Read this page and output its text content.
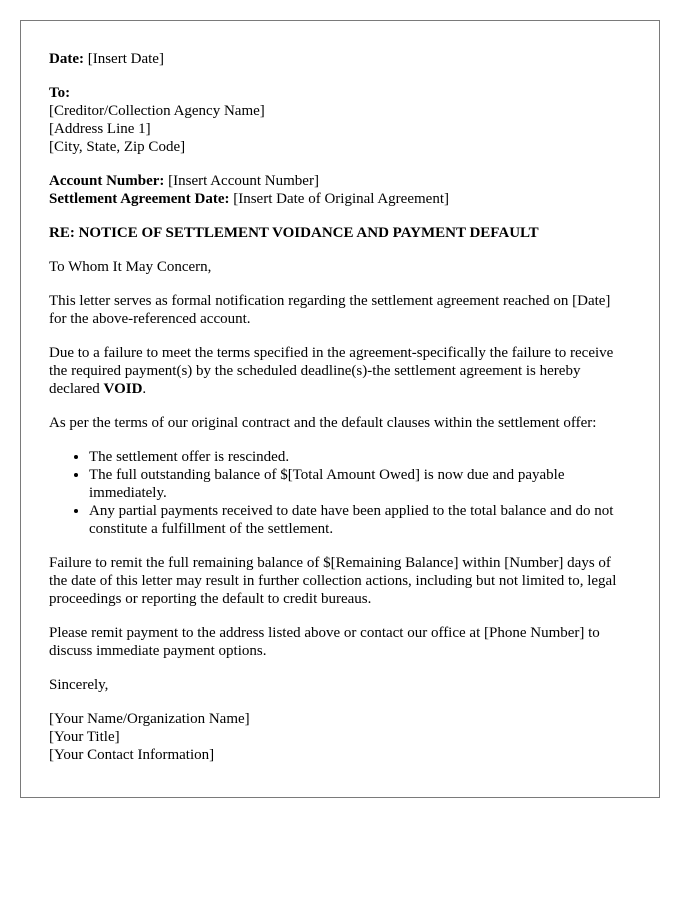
Date: [Insert Date]
To:
[Creditor/Collection Agency Name]
[Address Line 1]
[City, State, Zip Code]
Account Number: [Insert Account Number]
Settlement Agreement Date: [Insert Date of Original Agreement]

RE: NOTICE OF SETTLEMENT VOIDANCE AND PAYMENT DEFAULT

To Whom It May Concern,

This letter serves as formal notification regarding the settlement agreement reached on [Date] for the above-referenced account.

Due to a failure to meet the terms specified in the agreement-specifically the failure to receive the required payment(s) by the scheduled deadline(s)-the settlement agreement is hereby declared VOID.

As per the terms of our original contract and the default clauses within the settlement offer:

• The settlement offer is rescinded.
• The full outstanding balance of $[Total Amount Owed] is now due and payable immediately.
• Any partial payments received to date have been applied to the total balance and do not constitute a fulfillment of the settlement.

Failure to remit the full remaining balance of $[Remaining Balance] within [Number] days of the date of this letter may result in further collection actions, including but not limited to, legal proceedings or reporting the default to credit bureaus.

Please remit payment to the address listed above or contact our office at [Phone Number] to discuss immediate payment options.

Sincerely,

[Your Name/Organization Name]
[Your Title]
[Your Contact Information]
